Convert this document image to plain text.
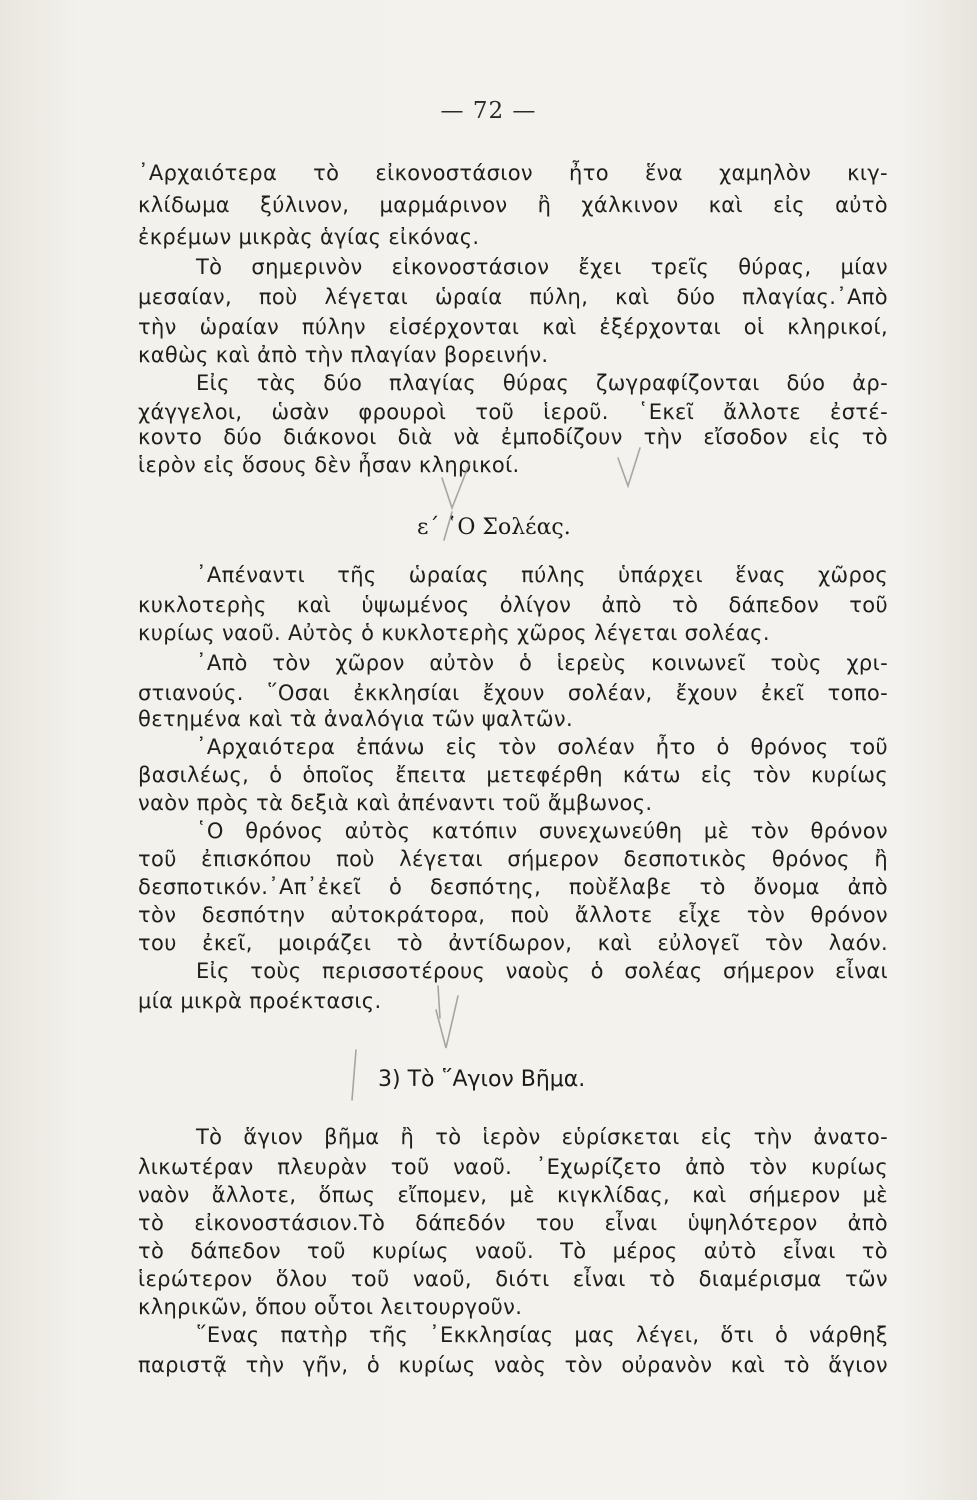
— 72 —
᾿Αρχαιότερα τὸ εἰκονοστάσιον ἦτο ἕνα χαμηλὸν κιγ-
κλίδωμα ξύλινον, μαρμάρινον ἢ χάλκινον καὶ εἰς αὐτὸ
ἐκρέμων μικρὰς ἁγίας εἰκόνας.
Τὸ σημερινὸν εἰκονοστάσιον ἔχει τρεῖς θύρας, μίαν
μεσαίαν, ποὺ λέγεται ὡραία πύλη, καὶ δύο πλαγίας.᾿Απὸ
τὴν ὡραίαν πύλην εἰσέρχονται καὶ ἐξέρχονται οἱ κληρικοί,
καθὼς καὶ ἀπὸ τὴν πλαγίαν βορεινήν.
Εἰς τὰς δύο πλαγίας θύρας ζωγραφίζονται δύο ἀρ-
χάγγελοι, ὡσὰν φρουροὶ τοῦ ἱεροῦ. ῾Εκεῖ ἄλλοτε ἐστέ-
κοντο δύο διάκονοι διὰ νὰ ἐμποδίζουν τὴν εἴσοδον εἰς τὸ
ἱερὸν εἰς ὅσους δὲν ἦσαν κληρικοί.
ε΄ ῾Ο Σολέας.
᾿Απέναντι τῆς ὡραίας πύλης ὑπάρχει ἕνας χῶρος
κυκλοτερὴς καὶ ὑψωμένος ὀλίγον ἀπὸ τὸ δάπεδον τοῦ
κυρίως ναοῦ. Αὐτὸς ὁ κυκλοτερὴς χῶρος λέγεται σολέας.
᾿Απὸ τὸν χῶρον αὐτὸν ὁ ἱερεὺς κοινωνεῖ τοὺς χρι-
στιανούς. ῞Οσαι ἐκκλησίαι ἔχουν σολέαν, ἔχουν ἐκεῖ τοπο-
θετημένα καὶ τὰ ἀναλόγια τῶν ψαλτῶν.
᾿Αρχαιότερα ἐπάνω εἰς τὸν σολέαν ἦτο ὁ θρόνος τοῦ
βασιλέως, ὁ ὁποῖος ἔπειτα μετεφέρθη κάτω εἰς τὸν κυρίως
ναὸν πρὸς τὰ δεξιὰ καὶ ἀπέναντι τοῦ ἄμβωνος.
῾Ο θρόνος αὐτὸς κατόπιν συνεχωνεύθη μὲ τὸν θρόνον
τοῦ ἐπισκόπου ποὺ λέγεται σήμερον δεσποτικὸς θρόνος ἢ
δεσποτικόν.᾿Απ᾿ἐκεῖ ὁ δεσπότης, ποὺἔλαβε τὸ ὄνομα ἀπὸ
τὸν δεσπότην αὐτοκράτορα, ποὺ ἄλλοτε εἶχε τὸν θρόνον
του ἐκεῖ, μοιράζει τὸ ἀντίδωρον, καὶ εὐλογεῖ τὸν λαόν.
Εἰς τοὺς περισσοτέρους ναοὺς ὁ σολέας σήμερον εἶναι
μία μικρὰ προέκτασις.
3) Τὸ ῞Αγιον Βῆμα.
Τὸ ἅγιον βῆμα ἢ τὸ ἱερὸν εὑρίσκεται εἰς τὴν ἀνατο-
λικωτέραν πλευρὰν τοῦ ναοῦ. ᾿Εχωρίζετο ἀπὸ τὸν κυρίως
ναὸν ἄλλοτε, ὅπως εἴπομεν, μὲ κιγκλίδας, καὶ σήμερον μὲ
τὸ εἰκονοστάσιον.Τὸ δάπεδόν του εἶναι ὑψηλότερον ἀπὸ
τὸ δάπεδον τοῦ κυρίως ναοῦ. Τὸ μέρος αὐτὸ εἶναι τὸ
ἱερώτερον ὅλου τοῦ ναοῦ, διότι εἶναι τὸ διαμέρισμα τῶν
κληρικῶν, ὅπου οὗτοι λειτουργοῦν.
῞Ενας πατὴρ τῆς ᾿Εκκλησίας μας λέγει, ὅτι ὁ νάρθηξ
παριστᾷ τὴν γῆν, ὁ κυρίως ναὸς τὸν οὐρανὸν καὶ τὸ ἅγιον
